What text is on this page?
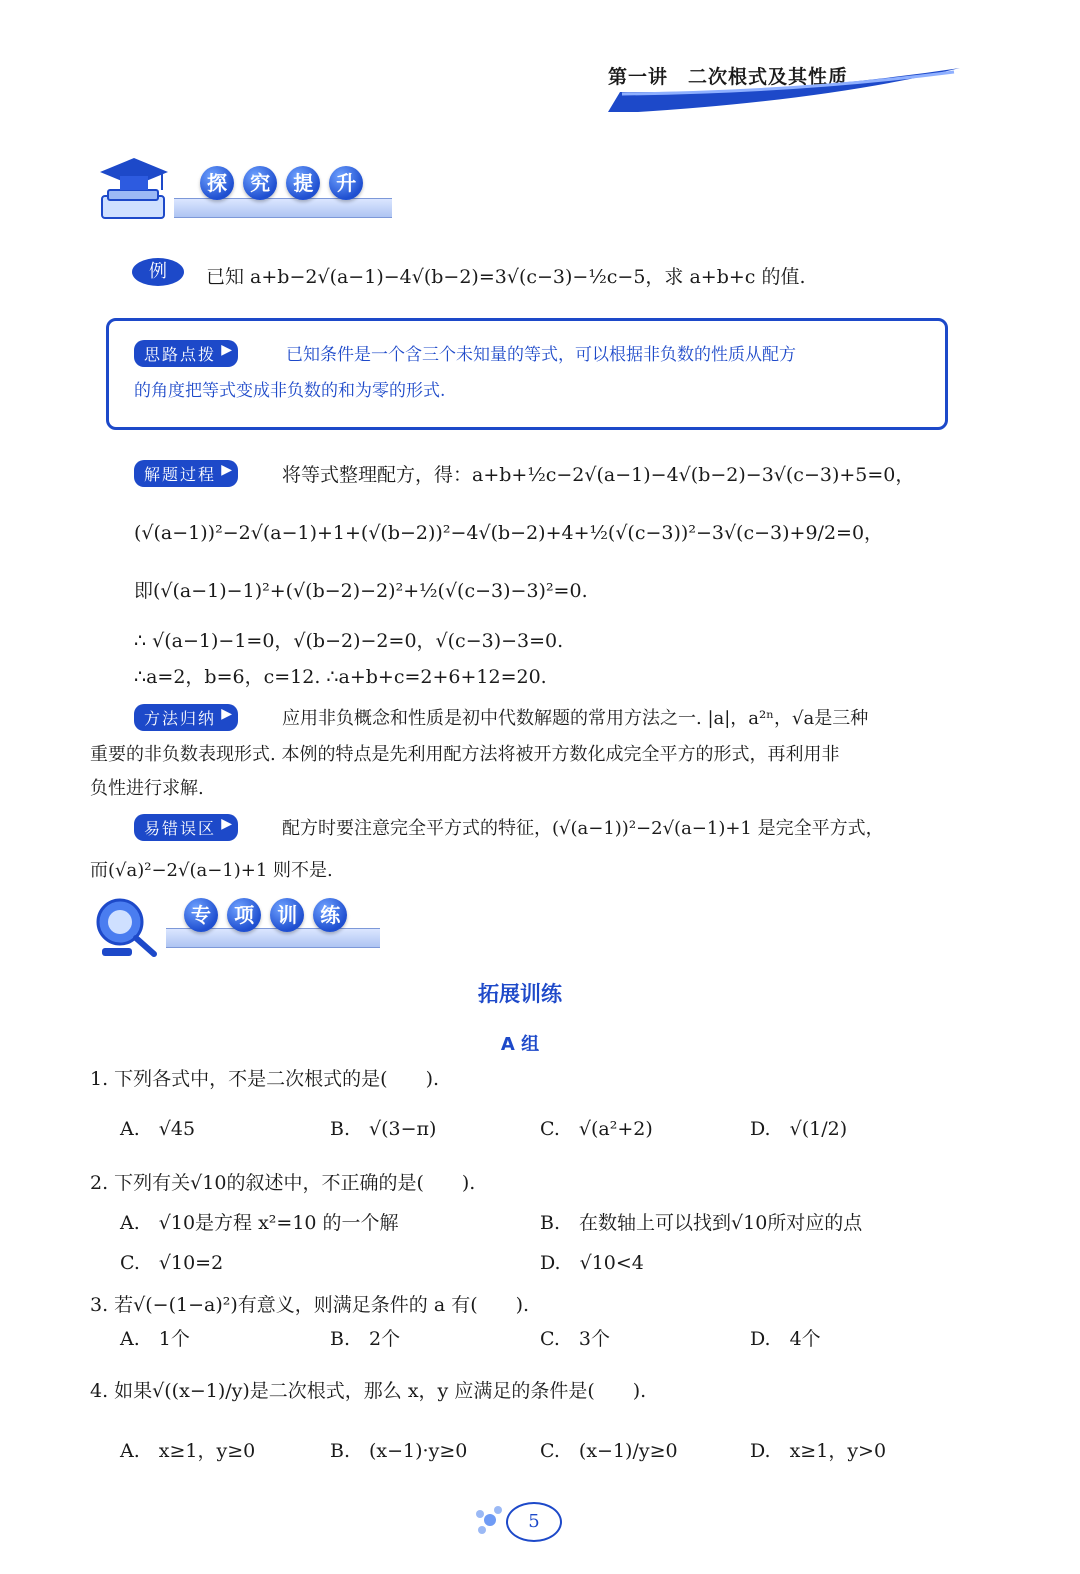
第一讲　二次根式及其性质
探 究 提 升
例	已知 a+b−2√(a−1)−4√(b−2)=3√(c−3)−½c−5，求 a+b+c 的值.
思路点拨 ▶	已知条件是一个含三个未知量的等式，可以根据非负数的性质从配方
的角度把等式变成非负数的和为零的形式.
解题过程 ▶	将等式整理配方，得：a+b+½c−2√(a−1)−4√(b−2)−3√(c−3)+5=0，
(√(a−1))²−2√(a−1)+1+(√(b−2))²−4√(b−2)+4+½(√(c−3))²−3√(c−3)+9/2=0，
即(√(a−1)−1)²+(√(b−2)−2)²+½(√(c−3)−3)²=0.
∴ √(a−1)−1=0，√(b−2)−2=0，√(c−3)−3=0.
∴a=2，b=6，c=12. ∴a+b+c=2+6+12=20.
方法归纳 ▶	应用非负概念和性质是初中代数解题的常用方法之一. |a|，a²ⁿ，√a是三种
重要的非负数表现形式. 本例的特点是先利用配方法将被开方数化成完全平方的形式，再利用非
负性进行求解.
易错误区 ▶	配方时要注意完全平方式的特征，(√(a−1))²−2√(a−1)+1 是完全平方式，
而(√a)²−2√(a−1)+1 则不是.
专 项 训 练
拓展训练
A 组
1. 下列各式中，不是二次根式的是(　　).
A.　√45	B.　√(3−π)	C.　√(a²+2)	D.　√(1/2)
2. 下列有关√10的叙述中，不正确的是(　　).
A.　√10是方程 x²=10 的一个解	B.　在数轴上可以找到√10所对应的点
C.　√10=2	D.　√10<4
3. 若√(−(1−a)²)有意义，则满足条件的 a 有(　　).
A.　1个	B.　2个	C.　3个	D.　4个
4. 如果√((x−1)/y)是二次根式，那么 x，y 应满足的条件是(　　).
A.　x≥1，y≥0	B.　(x−1)·y≥0	C.　(x−1)/y≥0	D.　x≥1，y>0
5
